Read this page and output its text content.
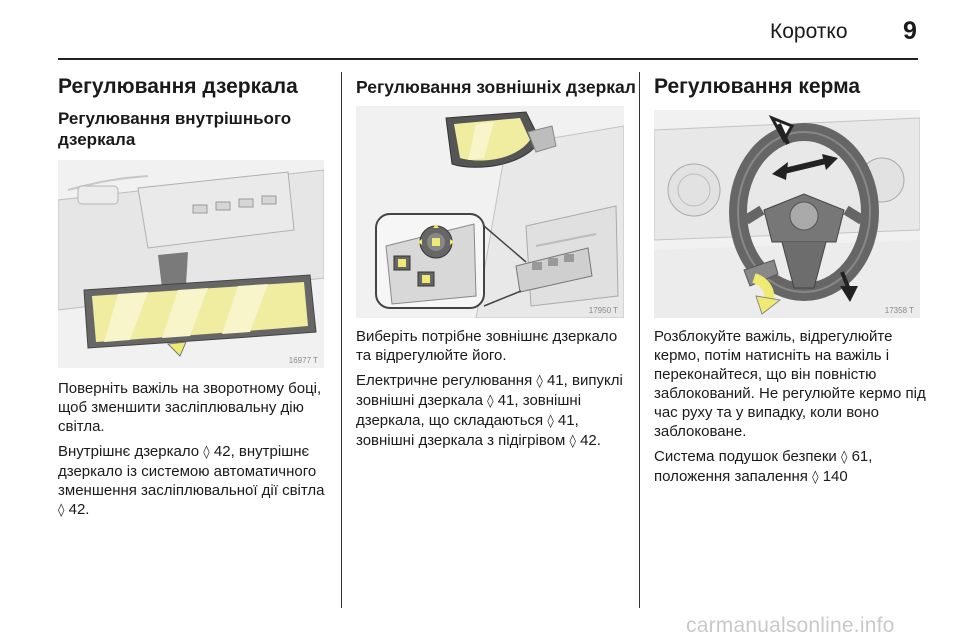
Коротко 9
Регулювання дзеркала
Регулювання внутрішнього дзеркала
16977 T

Поверніть важіль на зворотному боці, щоб зменшити засліплювальну дію світла.

Внутрішнє дзеркало ◊ 42, внутрішнє дзеркало із системою автоматичного зменшення засліплювальної дії світла ◊ 42.

Регулювання зовнішніх дзеркал
17950 T

Виберіть потрібне зовнішнє дзеркало та відрегулюйте його.

Електричне регулювання ◊ 41, випуклі зовнішні дзеркала ◊ 41, зовнішні дзеркала, що складаються ◊ 41, зовнішні дзеркала з підігрівом ◊ 42.

Регулювання керма
17358 T

Розблокуйте важіль, відрегулюйте кермо, потім натисніть на важіль і переконайтеся, що він повністю заблокований. Не регулюйте кермо під час руху та у випадку, коли воно заблоковане.

Система подушок безпеки ◊ 61, положення запалення ◊ 140

carmanualsonline.info
